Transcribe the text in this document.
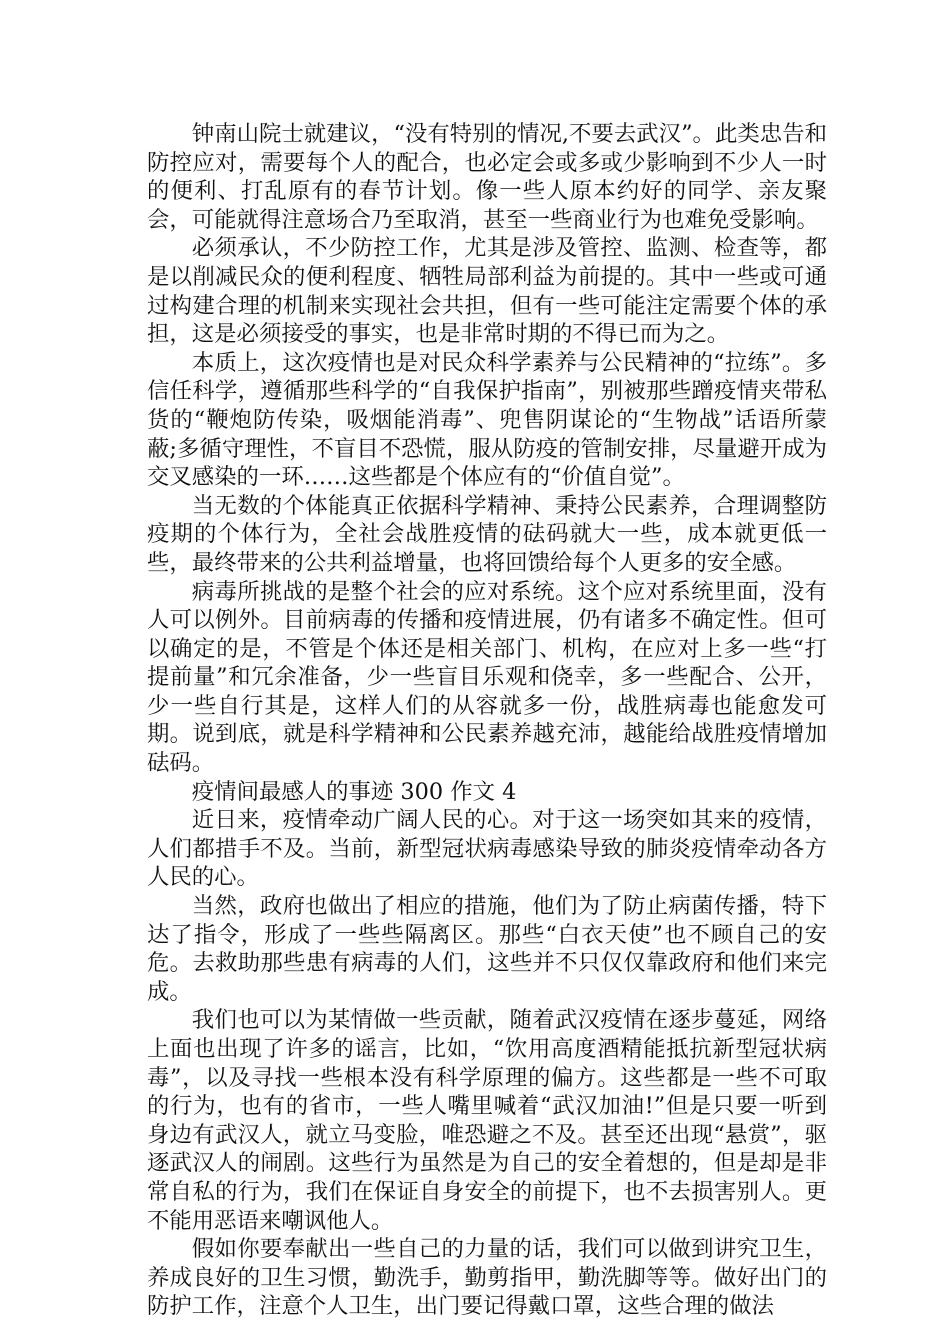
钟南山院士就建议，“没有特别的情况,不要去武汉”。此类忠告和防控应对，需要每个人的配合，也必定会或多或少影响到不少人一时的便利、打乱原有的春节计划。像一些人原本约好的同学、亲友聚会，可能就得注意场合乃至取消，甚至一些商业行为也难免受影响。

必须承认，不少防控工作，尤其是涉及管控、监测、检查等，都是以削减民众的便利程度、牺牲局部利益为前提的。其中一些或可通过构建合理的机制来实现社会共担，但有一些可能注定需要个体的承担，这是必须接受的事实，也是非常时期的不得已而为之。

本质上，这次疫情也是对民众科学素养与公民精神的“拉练”。多信任科学，遵循那些科学的“自我保护指南”，别被那些蹭疫情夹带私货的“鞭炮防传染，吸烟能消毒”、兜售阴谋论的“生物战”话语所蒙蔽;多循守理性，不盲目不恐慌，服从防疫的管制安排，尽量避开成为交叉感染的一环……这些都是个体应有的“价值自觉”。

当无数的个体能真正依据科学精神、秉持公民素养，合理调整防疫期的个体行为，全社会战胜疫情的砝码就大一些，成本就更低一些，最终带来的公共利益增量，也将回馈给每个人更多的安全感。

病毒所挑战的是整个社会的应对系统。这个应对系统里面，没有人可以例外。目前病毒的传播和疫情进展，仍有诸多不确定性。但可以确定的是，不管是个体还是相关部门、机构，在应对上多一些“打提前量”和冗余准备，少一些盲目乐观和侥幸，多一些配合、公开，少一些自行其是，这样人们的从容就多一份，战胜病毒也能愈发可期。说到底，就是科学精神和公民素养越充沛，越能给战胜疫情增加砝码。

疫情间最感人的事迹 300 作文 4

近日来，疫情牵动广阔人民的心。对于这一场突如其来的疫情，人们都措手不及。当前，新型冠状病毒感染导致的肺炎疫情牵动各方人民的心。

当然，政府也做出了相应的措施，他们为了防止病菌传播，特下达了指令，形成了一些些隔离区。那些“白衣天使”也不顾自己的安危。去救助那些患有病毒的人们，这些并不只仅仅靠政府和他们来完成。

我们也可以为某情做一些贡献，随着武汉疫情在逐步蔓延，网络上面也出现了许多的谣言，比如，“饮用高度酒精能抵抗新型冠状病毒”，以及寻找一些根本没有科学原理的偏方。这些都是一些不可取的行为，也有的省市，一些人嘴里喊着“武汉加油!”但是只要一听到身边有武汉人，就立马变脸，唯恐避之不及。甚至还出现“悬赏”，驱逐武汉人的闹剧。这些行为虽然是为自己的安全着想的，但是却是非常自私的行为，我们在保证自身安全的前提下，也不去损害别人。更不能用恶语来嘲讽他人。

假如你要奉献出一些自己的力量的话，我们可以做到讲究卫生，养成良好的卫生习惯，勤洗手，勤剪指甲，勤洗脚等等。做好出门的防护工作，注意个人卫生，出门要记得戴口罩，这些合理的做法
